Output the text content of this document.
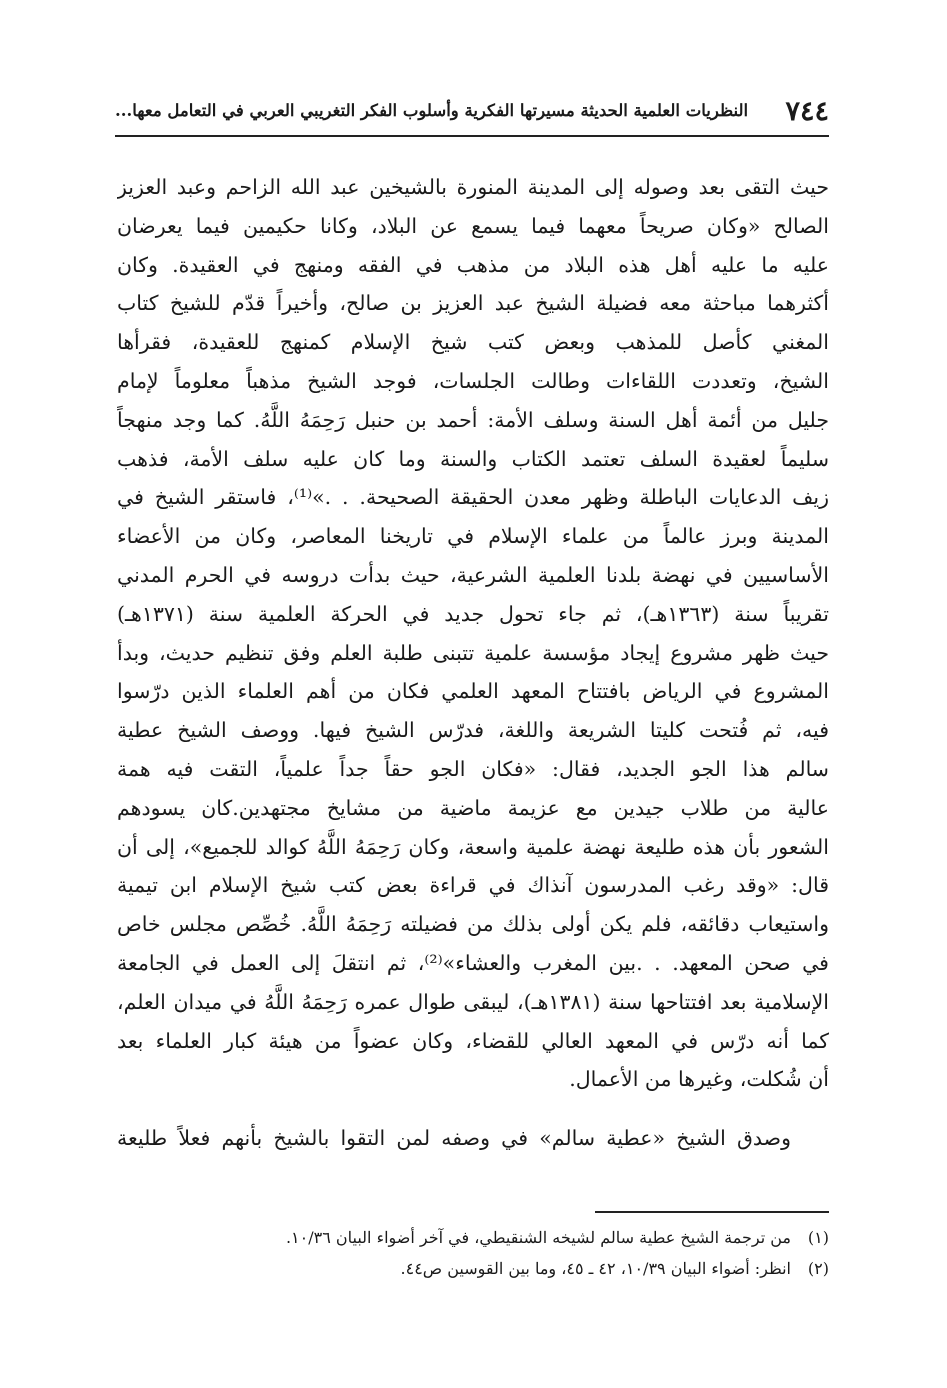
٧٤٤
النظريات العلمية الحديثة مسيرتها الفكرية وأسلوب الفكر التغريبي العربي في التعامل معها...
حيث التقى بعد وصوله إلى المدينة المنورة بالشيخين عبد الله الزاحم وعبد العزيز
الصالح «وكان صريحاً معهما فيما يسمع عن البلاد، وكانا حكيمين فيما يعرضان
عليه ما عليه أهل هذه البلاد من مذهب في الفقه ومنهج في العقيدة. وكان
أكثرهما مباحثة معه فضيلة الشيخ عبد العزيز بن صالح، وأخيراً قدّم للشيخ كتاب
المغني كأصل للمذهب وبعض كتب شيخ الإسلام كمنهج للعقيدة، فقرأها
الشيخ، وتعددت اللقاءات وطالت الجلسات، فوجد الشيخ مذهباً معلوماً لإمام
جليل من أئمة أهل السنة وسلف الأمة: أحمد بن حنبل رَحِمَهُ اللَّهُ. كما وجد منهجاً
سليماً لعقيدة السلف تعتمد الكتاب والسنة وما كان عليه سلف الأمة، فذهب
زيف الدعايات الباطلة وظهر معدن الحقيقة الصحيحة. . .»⁽¹⁾، فاستقر الشيخ في
المدينة وبرز عالماً من علماء الإسلام في تاريخنا المعاصر، وكان من الأعضاء
الأساسيين في نهضة بلدنا العلمية الشرعية، حيث بدأت دروسه في الحرم المدني
تقريباً سنة (١٣٦٣هـ)، ثم جاء تحول جديد في الحركة العلمية سنة (١٣٧١هـ)
حيث ظهر مشروع إيجاد مؤسسة علمية تتبنى طلبة العلم وفق تنظيم حديث، وبدأ
المشروع في الرياض بافتتاح المعهد العلمي فكان من أهم العلماء الذين درّسوا
فيه، ثم فُتحت كليتا الشريعة واللغة، فدرّس الشيخ فيها. ووصف الشيخ عطية
سالم هذا الجو الجديد، فقال: «فكان الجو حقاً جداً علمياً، التقت فيه همة
عالية من طلاب جيدين مع عزيمة ماضية من مشايخ مجتهدين.كان يسودهم
الشعور بأن هذه طليعة نهضة علمية واسعة، وكان رَحِمَهُ اللَّهُ كوالد للجميع»، إلى أن
قال: «وقد رغب المدرسون آنذاك في قراءة بعض كتب شيخ الإسلام ابن تيمية
واستيعاب دقائقه، فلم يكن أولى بذلك من فضيلته رَحِمَهُ اللَّهُ. خُصِّص مجلس خاص
في صحن المعهد. . .بين المغرب والعشاء»⁽²⁾، ثم انتقلَ إلى العمل في الجامعة
الإسلامية بعد افتتاحها سنة (١٣٨١هـ)، ليبقى طوال عمره رَحِمَهُ اللَّهُ في ميدان العلم،
كما أنه درّس في المعهد العالي للقضاء، وكان عضواً من هيئة كبار العلماء بعد
أن شُكلت، وغيرها من الأعمال.
وصدق الشيخ «عطية سالم» في وصفه لمن التقوا بالشيخ بأنهم فعلاً طليعة
(١)من ترجمة الشيخ عطية سالم لشيخه الشنقيطي، في آخر أضواء البيان ١٠/٣٦.
(٢)انظر: أضواء البيان ١٠/٣٩، ٤٢ ـ ٤٥، وما بين القوسين ص٤٤.
